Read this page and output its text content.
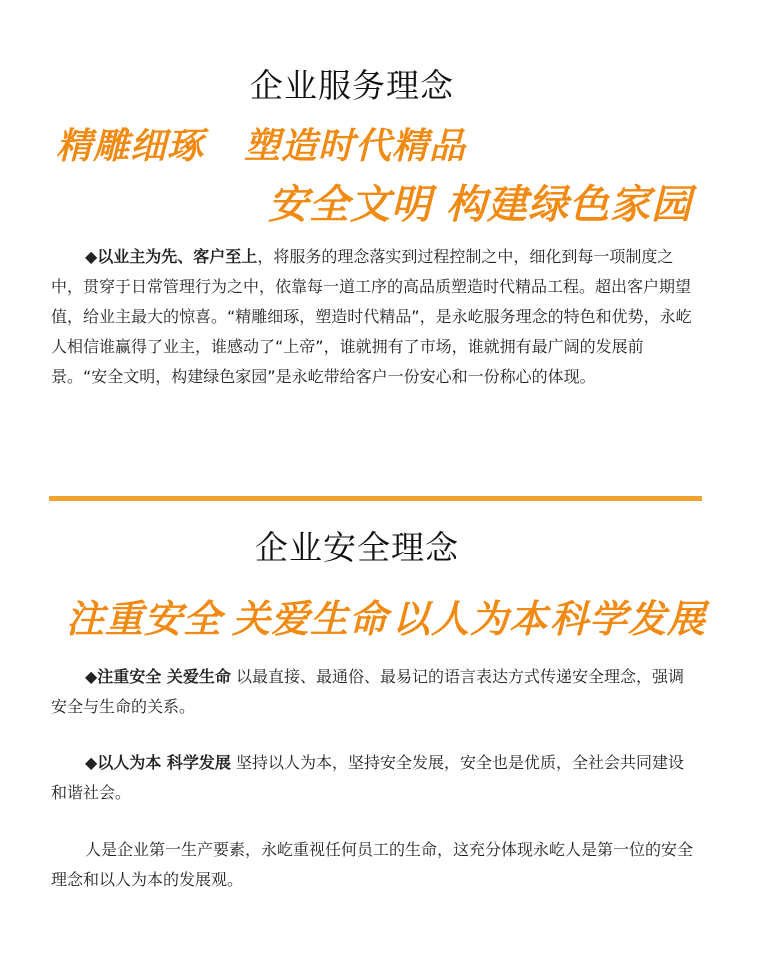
企业服务理念
精雕细琢 塑造时代精品
安全文明 构建绿色家园

◆以业主为先、客户至上，将服务的理念落实到过程控制之中，细化到每一项制度之中，贯穿于日常管理行为之中，依靠每一道工序的高品质塑造时代精品工程。超出客户期望值，给业主最大的惊喜。“精雕细琢，塑造时代精品”，是永屹服务理念的特色和优势，永屹人相信谁赢得了业主，谁感动了“上帝”，谁就拥有了市场，谁就拥有最广阔的发展前景。“安全文明，构建绿色家园”是永屹带给客户一份安心和一份称心的体现。

企业安全理念
注重安全 关爱生命 以人为本 科学发展

◆注重安全 关爱生命 以最直接、最通俗、最易记的语言表达方式传递安全理念，强调安全与生命的关系。

◆以人为本 科学发展 坚持以人为本，坚持安全发展，安全也是优质，全社会共同建设和谐社会。

人是企业第一生产要素，永屹重视任何员工的生命，这充分体现永屹人是第一位的安全理念和以人为本的发展观。
